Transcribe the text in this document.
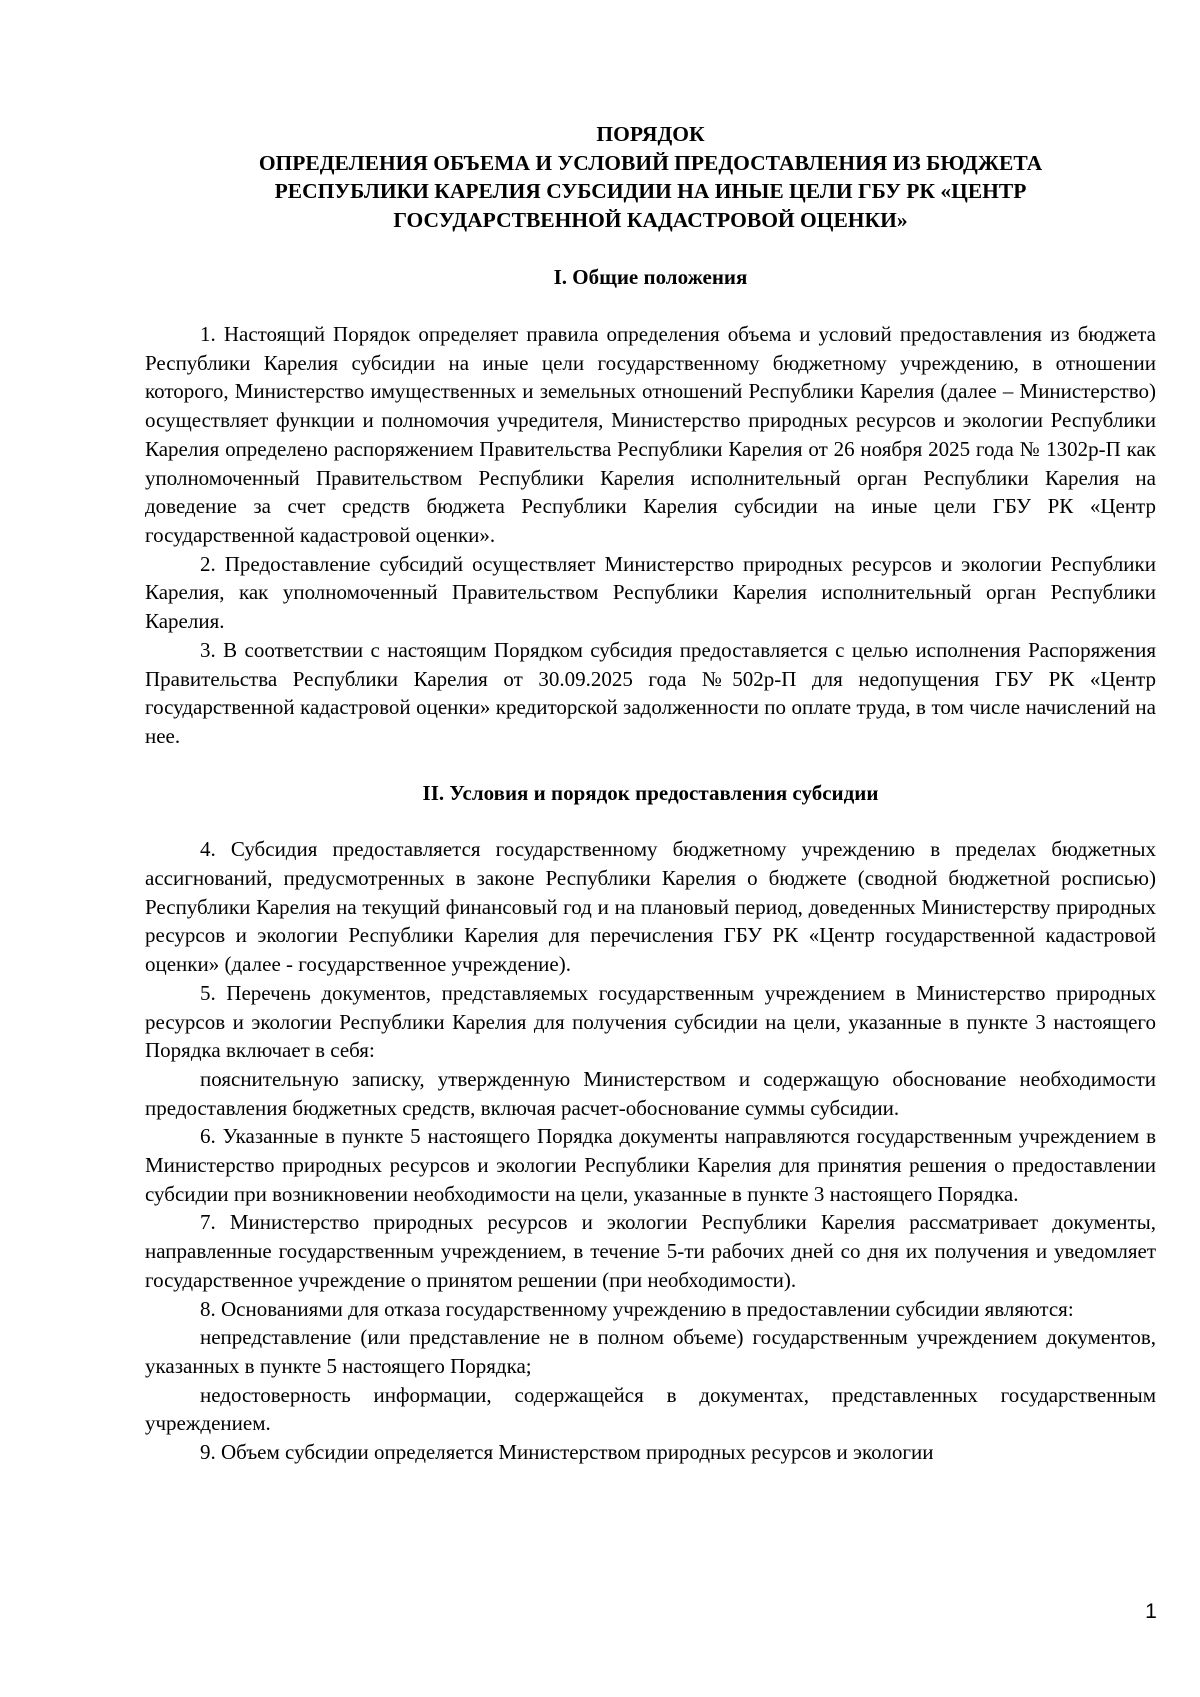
ПОРЯДОК
ОПРЕДЕЛЕНИЯ ОБЪЕМА И УСЛОВИЙ ПРЕДОСТАВЛЕНИЯ ИЗ БЮДЖЕТА
РЕСПУБЛИКИ КАРЕЛИЯ СУБСИДИИ НА ИНЫЕ ЦЕЛИ ГБУ РК «ЦЕНТР
ГОСУДАРСТВЕННОЙ КАДАСТРОВОЙ ОЦЕНКИ»
I. Общие положения

1. Настоящий Порядок определяет правила определения объема и условий предоставления из бюджета Республики Карелия субсидии на иные цели государственному бюджетному учреждению, в отношении которого, Министерство имущественных и земельных отношений Республики Карелия (далее – Министерство) осуществляет функции и полномочия учредителя, Министерство природных ресурсов и экологии Республики Карелия определено распоряжением Правительства Республики Карелия от 26 ноября 2025 года № 1302р-П как уполномоченный Правительством Республики Карелия исполнительный орган Республики Карелия на доведение за счет средств бюджета Республики Карелия субсидии на иные цели ГБУ РК «Центр государственной кадастровой оценки».

2. Предоставление субсидий осуществляет Министерство природных ресурсов и экологии Республики Карелия, как уполномоченный Правительством Республики Карелия исполнительный орган Республики Карелия.

3. В соответствии с настоящим Порядком субсидия предоставляется с целью исполнения Распоряжения Правительства Республики Карелия от 30.09.2025 года №502р-П для недопущения ГБУ РК «Центр государственной кадастровой оценки» кредиторской задолженности по оплате труда, в том числе начислений на нее.

II. Условия и порядок предоставления субсидии

4. Субсидия предоставляется государственному бюджетному учреждению в пределах бюджетных ассигнований, предусмотренных в законе Республики Карелия о бюджете (сводной бюджетной росписью) Республики Карелия на текущий финансовый год и на плановый период, доведенных Министерству природных ресурсов и экологии Республики Карелия для перечисления ГБУ РК «Центр государственной кадастровой оценки» (далее - государственное учреждение).

5. Перечень документов, представляемых государственным учреждением в Министерство природных ресурсов и экологии Республики Карелия для получения субсидии на цели, указанные в пункте 3 настоящего Порядка включает в себя:

пояснительную записку, утвержденную Министерством и содержащую обоснование необходимости предоставления бюджетных средств, включая расчет-обоснование суммы субсидии.

6. Указанные в пункте 5 настоящего Порядка документы направляются государственным учреждением в Министерство природных ресурсов и экологии Республики Карелия для принятия решения о предоставлении субсидии при возникновении необходимости на цели, указанные в пункте 3 настоящего Порядка.

7. Министерство природных ресурсов и экологии Республики Карелия рассматривает документы, направленные государственным учреждением, в течение 5-ти рабочих дней со дня их получения и уведомляет государственное учреждение о принятом решении (при необходимости).

8. Основаниями для отказа государственному учреждению в предоставлении субсидии являются:

непредставление (или представление не в полном объеме) государственным учреждением документов, указанных в пункте 5 настоящего Порядка;

недостоверность информации, содержащейся в документах, представленных государственным учреждением.

9. Объем субсидии определяется Министерством природных ресурсов и экологии

1
